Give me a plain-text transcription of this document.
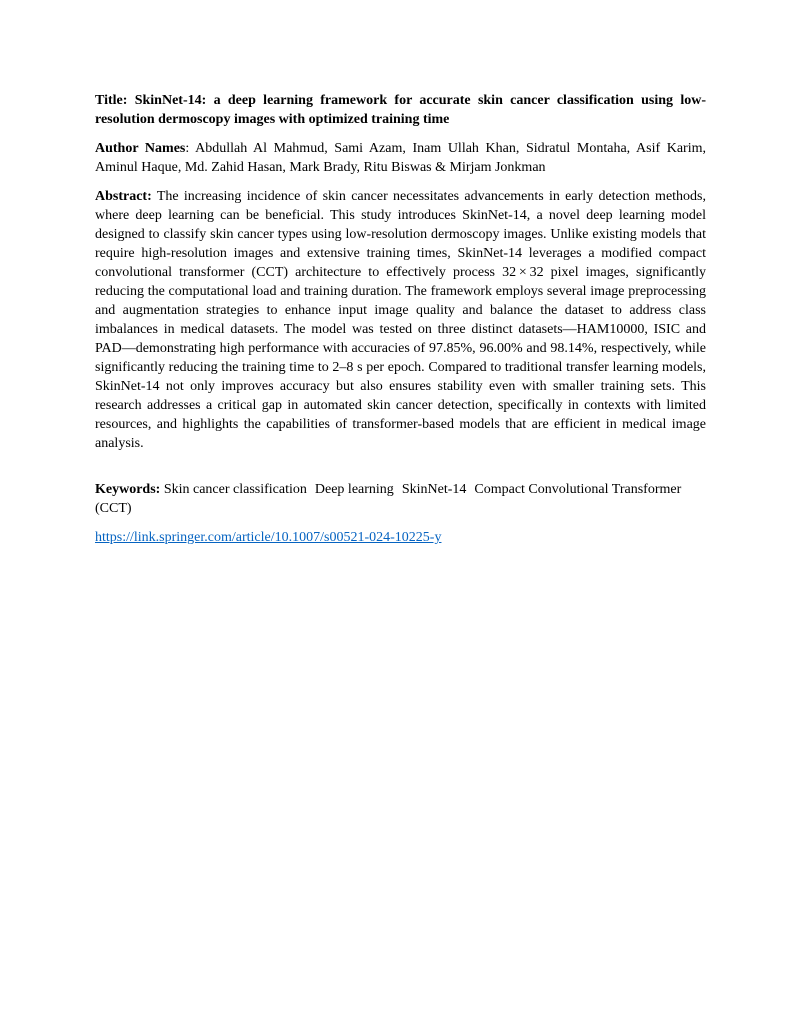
Title: SkinNet-14: a deep learning framework for accurate skin cancer classification using low-resolution dermoscopy images with optimized training time

Author Names: Abdullah Al Mahmud, Sami Azam, Inam Ullah Khan, Sidratul Montaha, Asif Karim, Aminul Haque, Md. Zahid Hasan, Mark Brady, Ritu Biswas & Mirjam Jonkman

Abstract: The increasing incidence of skin cancer necessitates advancements in early detection methods, where deep learning can be beneficial. This study introduces SkinNet-14, a novel deep learning model designed to classify skin cancer types using low-resolution dermoscopy images. Unlike existing models that require high-resolution images and extensive training times, SkinNet-14 leverages a modified compact convolutional transformer (CCT) architecture to effectively process 32 × 32 pixel images, significantly reducing the computational load and training duration. The framework employs several image preprocessing and augmentation strategies to enhance input image quality and balance the dataset to address class imbalances in medical datasets. The model was tested on three distinct datasets—HAM10000, ISIC and PAD—demonstrating high performance with accuracies of 97.85%, 96.00% and 98.14%, respectively, while significantly reducing the training time to 2–8 s per epoch. Compared to traditional transfer learning models, SkinNet-14 not only improves accuracy but also ensures stability even with smaller training sets. This research addresses a critical gap in automated skin cancer detection, specifically in contexts with limited resources, and highlights the capabilities of transformer-based models that are efficient in medical image analysis.

Keywords: Skin cancer classification Deep learning SkinNet-14 Compact Convolutional Transformer (CCT)

https://link.springer.com/article/10.1007/s00521-024-10225-y
